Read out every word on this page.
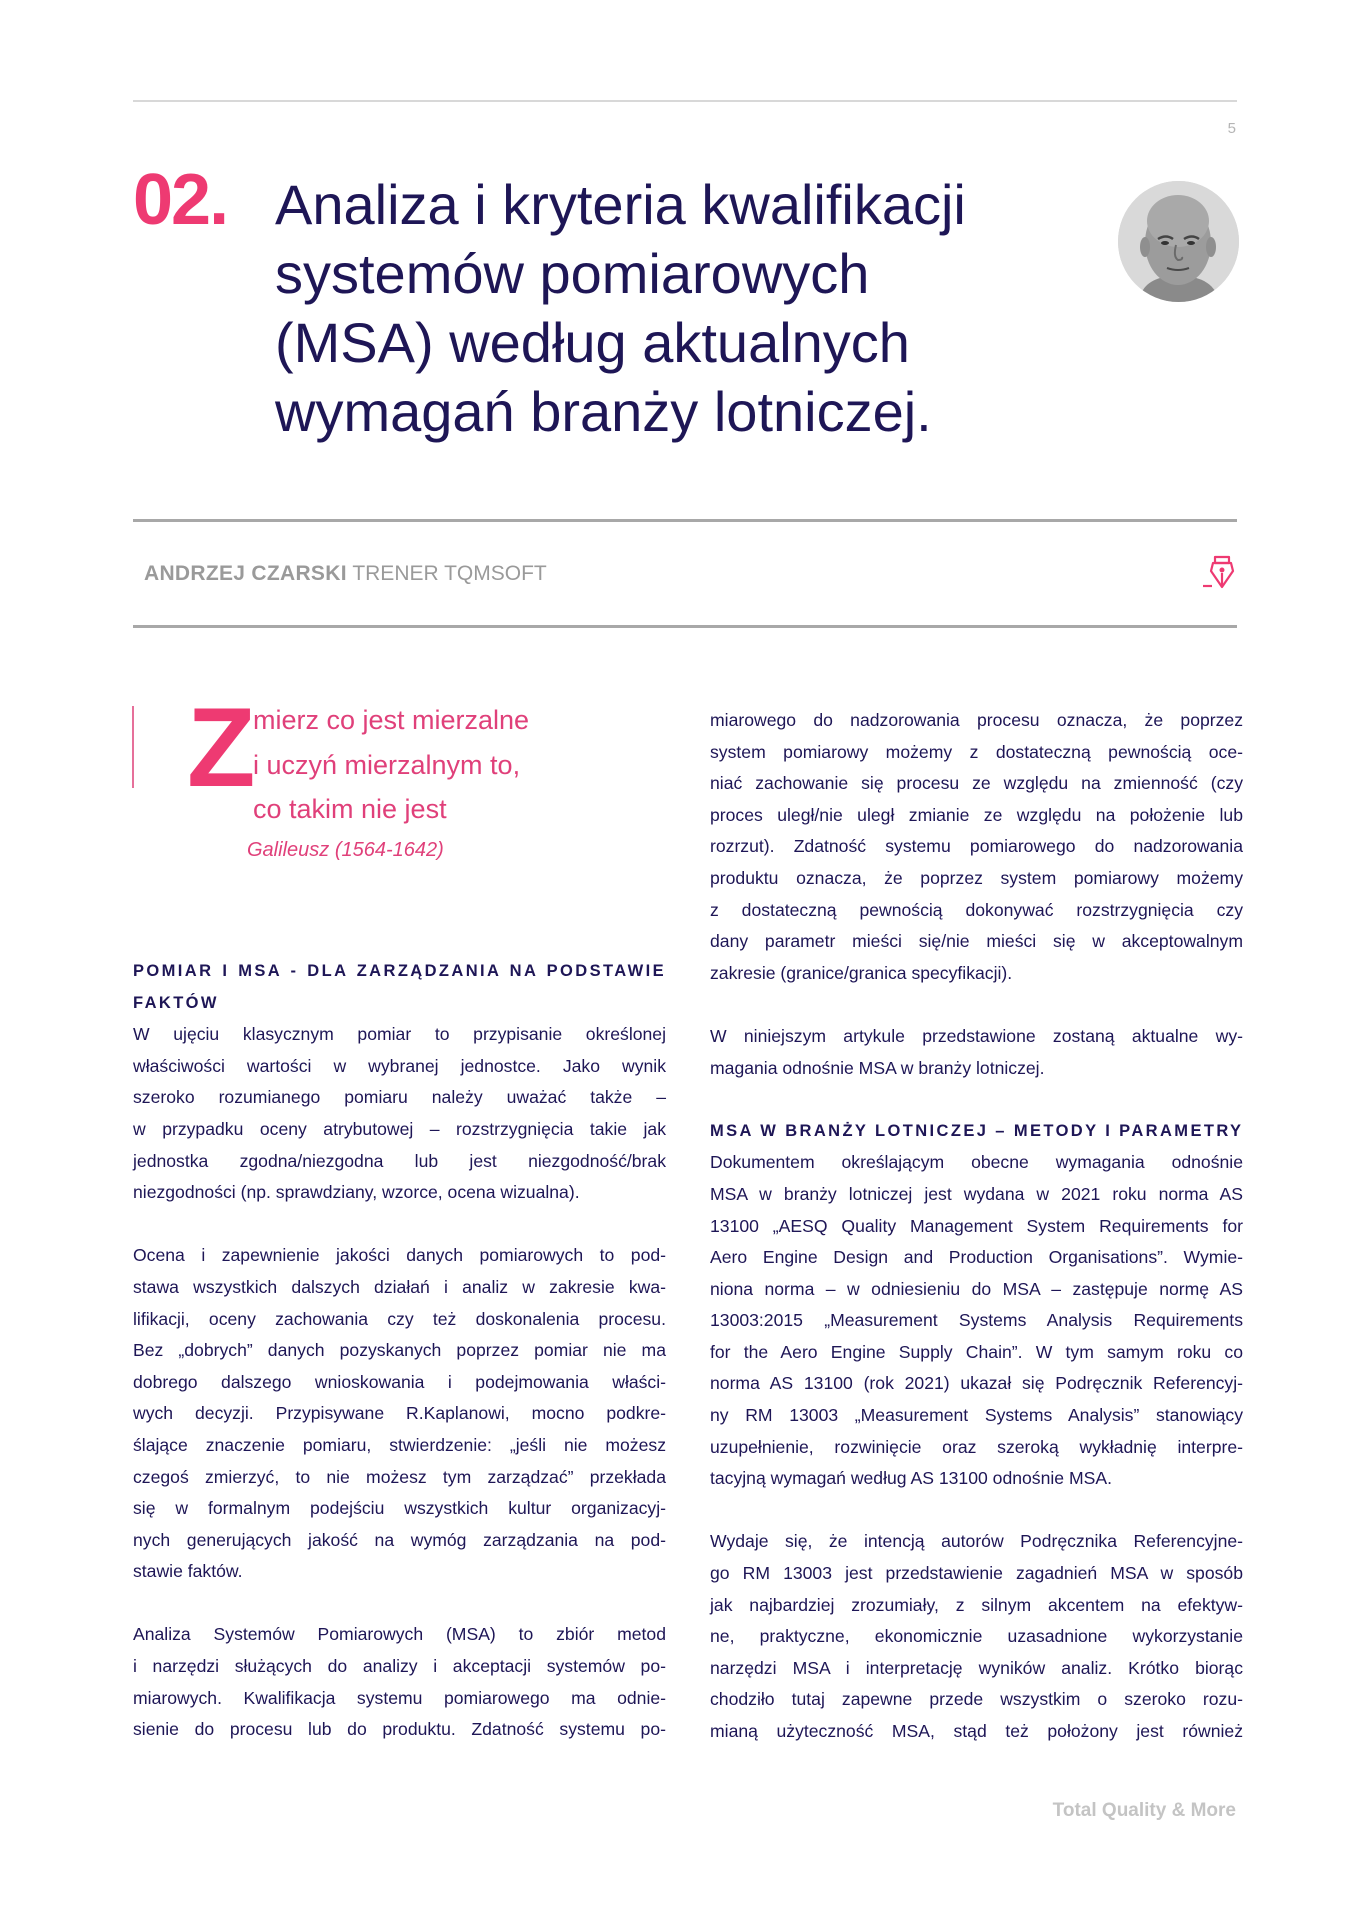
5
02. Analiza i kryteria kwalifikacji
systemów pomiarowych
(MSA) według aktualnych
wymagań branży lotniczej.
ANDRZEJ CZARSKI TRENER TQMSOFT
Z
mierz co jest mierzalne
i uczyń mierzalnym to,
co takim nie jest
Galileusz (1564-1642)
POMIAR I MSA - DLA ZARZĄDZANIA NA PODSTAWIE
FAKTÓW
W ujęciu klasycznym pomiar to przypisanie określonej
właściwości wartości w wybranej jednostce. Jako wynik
szeroko rozumianego pomiaru należy uważać także –
w przypadku oceny atrybutowej – rozstrzygnięcia takie jak
jednostka zgodna/niezgodna lub jest niezgodność/brak
niezgodności (np. sprawdziany, wzorce, ocena wizualna).
Ocena i zapewnienie jakości danych pomiarowych to pod-
stawa wszystkich dalszych działań i analiz w zakresie kwa-
lifikacji, oceny zachowania czy też doskonalenia procesu.
Bez „dobrych” danych pozyskanych poprzez pomiar nie ma
dobrego dalszego wnioskowania i podejmowania właści-
wych decyzji. Przypisywane R.Kaplanowi, mocno podkre-
ślające znaczenie pomiaru, stwierdzenie: „jeśli nie możesz
czegoś zmierzyć, to nie możesz tym zarządzać” przekłada
się w formalnym podejściu wszystkich kultur organizacyj-
nych generujących jakość na wymóg zarządzania na pod-
stawie faktów.
Analiza Systemów Pomiarowych (MSA) to zbiór metod
i narzędzi służących do analizy i akceptacji systemów po-
miarowych. Kwalifikacja systemu pomiarowego ma odnie-
sienie do procesu lub do produktu. Zdatność systemu po-
miarowego do nadzorowania procesu oznacza, że poprzez
system pomiarowy możemy z dostateczną pewnością oce-
niać zachowanie się procesu ze względu na zmienność (czy
proces uległ/nie uległ zmianie ze względu na położenie lub
rozrzut). Zdatność systemu pomiarowego do nadzorowania
produktu oznacza, że poprzez system pomiarowy możemy
z dostateczną pewnością dokonywać rozstrzygnięcia czy
dany parametr mieści się/nie mieści się w akceptowalnym
zakresie (granice/granica specyfikacji).
W niniejszym artykule przedstawione zostaną aktualne wy-
magania odnośnie MSA w branży lotniczej.
MSA W BRANŻY LOTNICZEJ – METODY I PARAMETRY
Dokumentem określającym obecne wymagania odnośnie
MSA w branży lotniczej jest wydana w 2021 roku norma AS
13100 „AESQ Quality Management System Requirements for
Aero Engine Design and Production Organisations”. Wymie-
niona norma – w odniesieniu do MSA – zastępuje normę AS
13003:2015 „Measurement Systems Analysis Requirements
for the Aero Engine Supply Chain”. W tym samym roku co
norma AS 13100 (rok 2021) ukazał się Podręcznik Referencyj-
ny RM 13003 „Measurement Systems Analysis” stanowiący
uzupełnienie, rozwinięcie oraz szeroką wykładnię interpre-
tacyjną wymagań według AS 13100 odnośnie MSA.
Wydaje się, że intencją autorów Podręcznika Referencyjne-
go RM 13003 jest przedstawienie zagadnień MSA w sposób
jak najbardziej zrozumiały, z silnym akcentem na efektyw-
ne, praktyczne, ekonomicznie uzasadnione wykorzystanie
narzędzi MSA i interpretację wyników analiz. Krótko biorąc
chodziło tutaj zapewne przede wszystkim o szeroko rozu-
mianą użyteczność MSA, stąd też położony jest również
Total Quality & More
